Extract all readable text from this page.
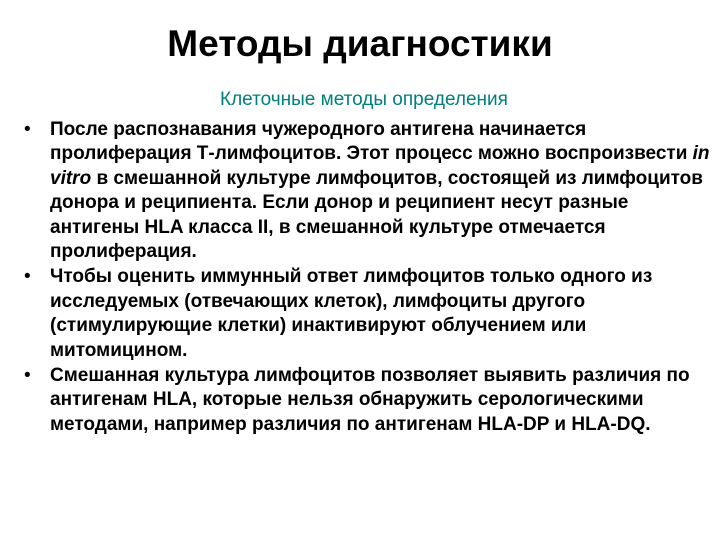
Методы диагностики

Клеточные методы определения

• После распознавания чужеродного антигена начинается пролиферация Т-лимфоцитов. Этот процесс можно воспроизвести in vitro в смешанной культуре лимфоцитов, состоящей из лимфоцитов донора и реципиента. Если донор и реципиент несут разные антигены HLA класса II, в смешанной культуре отмечается пролиферация.
• Чтобы оценить иммунный ответ лимфоцитов только одного из исследуемых (отвечающих клеток), лимфоциты другого (стимулирующие клетки) инактивируют облучением или митомицином.
• Смешанная культура лимфоцитов позволяет выявить различия по антигенам HLA, которые нельзя обнаружить серологическими методами, например различия по антигенам HLA-DP и HLA-DQ.
